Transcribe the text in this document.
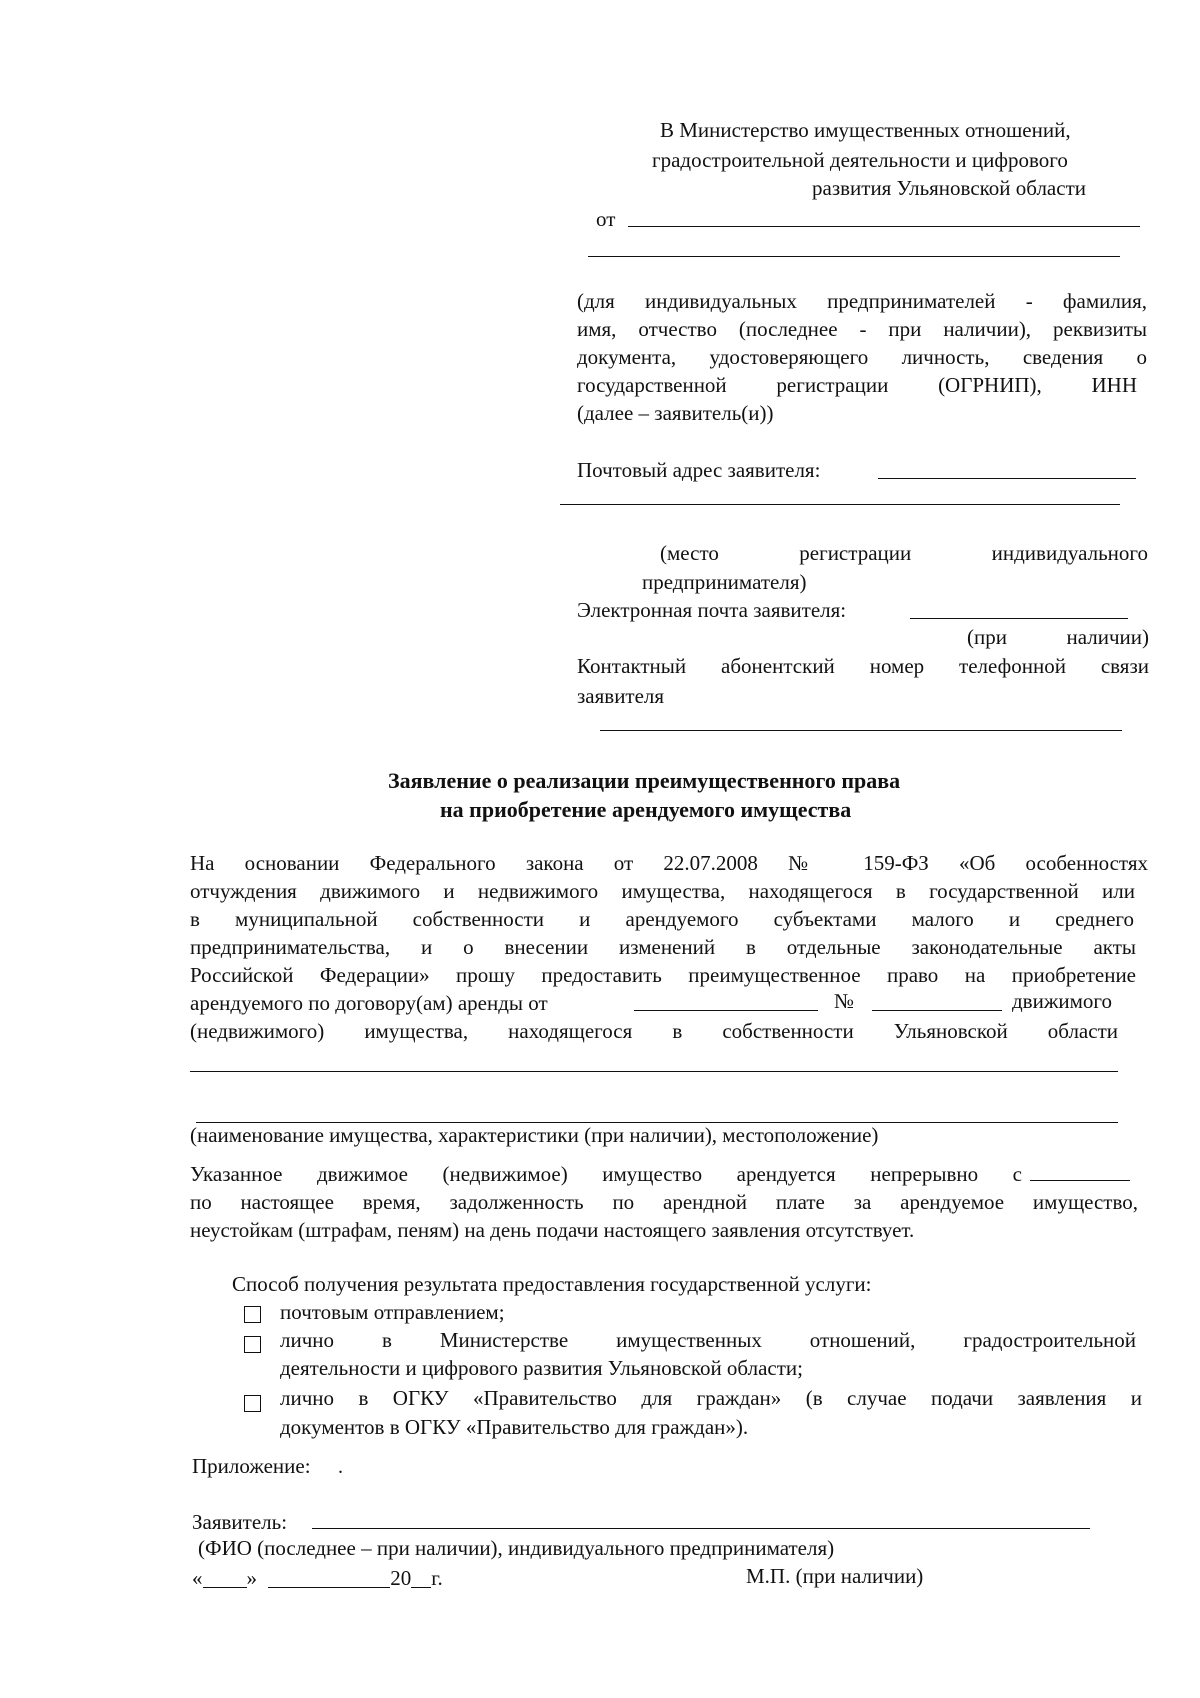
В Министерство имущественных отношений,
градостроительной деятельности и цифрового
развития Ульяновской области
от
(для индивидуальных предпринимателей - фамилия,
имя, отчество (последнее - при наличии), реквизиты
документа, удостоверяющего личность, сведения о
государственной регистрации (ОГРНИП), ИНН
(далее – заявитель(и))
Почтовый адрес заявителя:
(место регистрации индивидуального
предпринимателя)
Электронная почта заявителя:
(при наличии)
Контактный абонентский номер телефонной связи
заявителя
Заявление о реализации преимущественного права
на приобретение арендуемого имущества
На основании Федерального закона от 22.07.2008 № 159-ФЗ «Об особенностях
отчуждения движимого и недвижимого имущества, находящегося в государственной или
в муниципальной собственности и арендуемого субъектами малого и среднего
предпринимательства, и о внесении изменений в отдельные законодательные акты
Российской Федерации» прошу предоставить преимущественное право на приобретение
арендуемого по договору(ам) аренды от	№	движимого
(недвижимого) имущества, находящегося в собственности Ульяновской области
(наименование имущества, характеристики (при наличии), местоположение)
Указанное движимое (недвижимое) имущество арендуется непрерывно с
по настоящее время, задолженность по арендной плате за арендуемое имущество,
неустойкам (штрафам, пеням) на день подачи настоящего заявления отсутствует.
Способ получения результата предоставления государственной услуги:
почтовым отправлением;
лично в Министерстве имущественных отношений, градостроительной
деятельности и цифрового развития Ульяновской области;
лично в ОГКУ «Правительство для граждан» (в случае подачи заявления и
документов в ОГКУ «Правительство для граждан»).
Приложение: .
Заявитель:
(ФИО (последнее – при наличии), индивидуального предпринимателя)
« »	20 г.	М.П. (при наличии)
